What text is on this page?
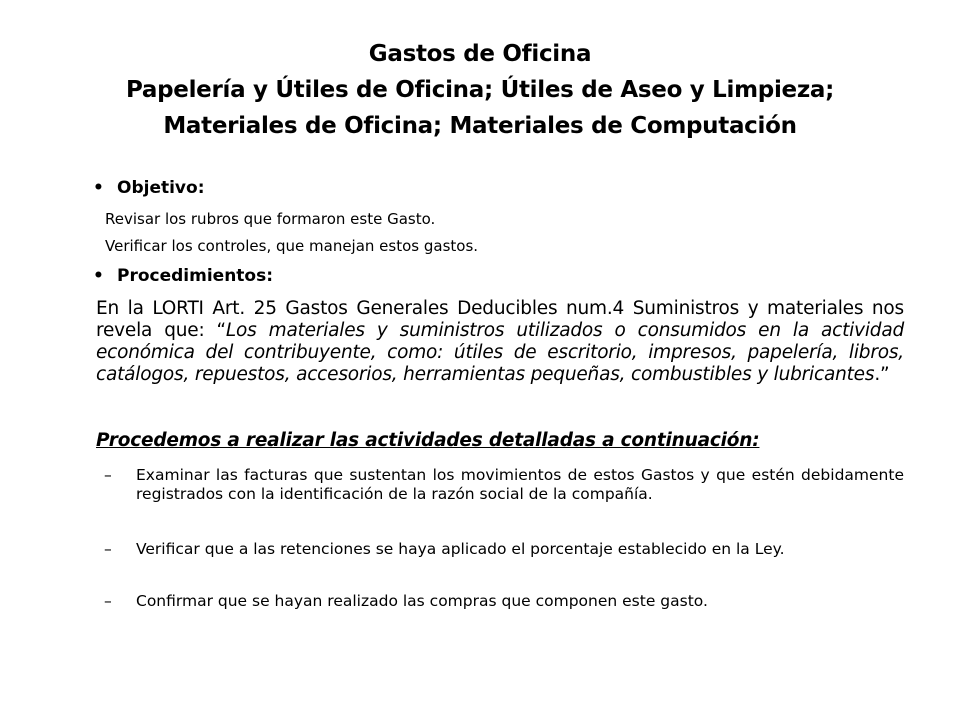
Gastos de Oficina
Papelería y Útiles de Oficina; Útiles de Aseo y Limpieza;
Materiales de Oficina; Materiales de Computación
• Objetivo:
Revisar los rubros que formaron este Gasto.
Verificar los controles, que manejan estos gastos.
• Procedimientos:
En la LORTI Art. 25 Gastos Generales Deducibles num.4 Suministros y materiales nos revela que: “Los materiales y suministros utilizados o consumidos en la actividad económica del contribuyente, como: útiles de escritorio, impresos, papelería, libros, catálogos, repuestos, accesorios, herramientas pequeñas, combustibles y lubricantes.”
Procedemos a realizar las actividades detalladas a continuación:
– Examinar las facturas que sustentan los movimientos de estos Gastos y que estén debidamente registrados con la identificación de la razón social de la compañía.
– Verificar que a las retenciones se haya aplicado el porcentaje establecido en la Ley.
– Confirmar que se hayan realizado las compras que componen este gasto.
